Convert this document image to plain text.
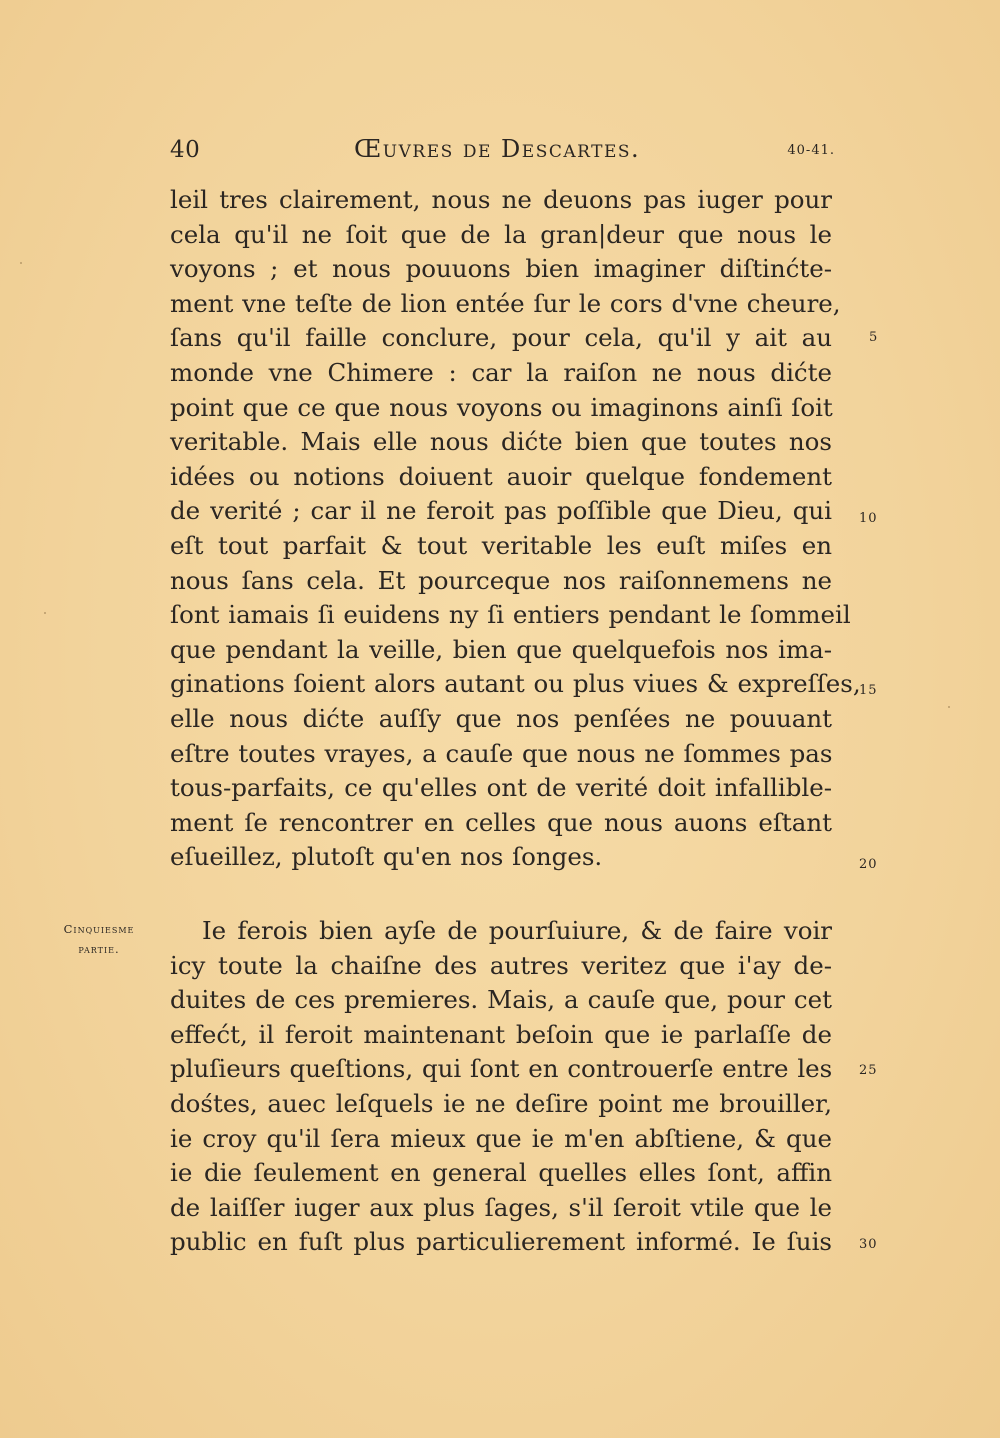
40	Œuvres de Descartes.	40-41.
leil tres clairement, nous ne deuons pas iuger pour
cela qu'il ne ſoit que de la gran|deur que nous le
voyons ; et nous pouuons bien imaginer diſtinćte-
ment vne teſte de lion entée ſur le cors d'vne cheure,
ſans qu'il faille conclure, pour cela, qu'il y ait au
monde vne Chimere : car la raiſon ne nous dićte
point que ce que nous voyons ou imaginons ainſi ſoit
veritable. Mais elle nous dićte bien que toutes nos
idées ou notions doiuent auoir quelque fondement
de verité ; car il ne feroit pas poſſible que Dieu, qui
eſt tout parfait & tout veritable les euſt miſes en
nous ſans cela. Et pourceque nos raiſonnemens ne
ſont iamais ſi euidens ny ſi entiers pendant le ſommeil
que pendant la veille, bien que quelquefois nos ima-
ginations ſoient alors autant ou plus viues & expreſſes,
elle nous dićte auſſy que nos penſées ne pouuant
eſtre toutes vrayes, a cauſe que nous ne ſommes pas
tous-parfaits, ce qu'elles ont de verité doit infallible-
ment ſe rencontrer en celles que nous auons eſtant
eſueillez, plutoſt qu'en nos ſonges.
Cinquiesme
partie.
Ie ferois bien ayſe de pourſuiure, & de faire voir
icy toute la chaiſne des autres veritez que i'ay de-
duites de ces premieres. Mais, a cauſe que, pour cet
effećt, il feroit maintenant beſoin que ie parlaſſe de
pluſieurs queſtions, qui ſont en controuerſe entre les
dośtes, auec leſquels ie ne deſire point me brouiller,
ie croy qu'il ſera mieux que ie m'en abſtiene, & que
ie die ſeulement en general quelles elles ſont, affin
de laiſſer iuger aux plus ſages, s'il ſeroit vtile que le
public en fuſt plus particulierement informé. Ie ſuis
5
10
15
20
25
30
